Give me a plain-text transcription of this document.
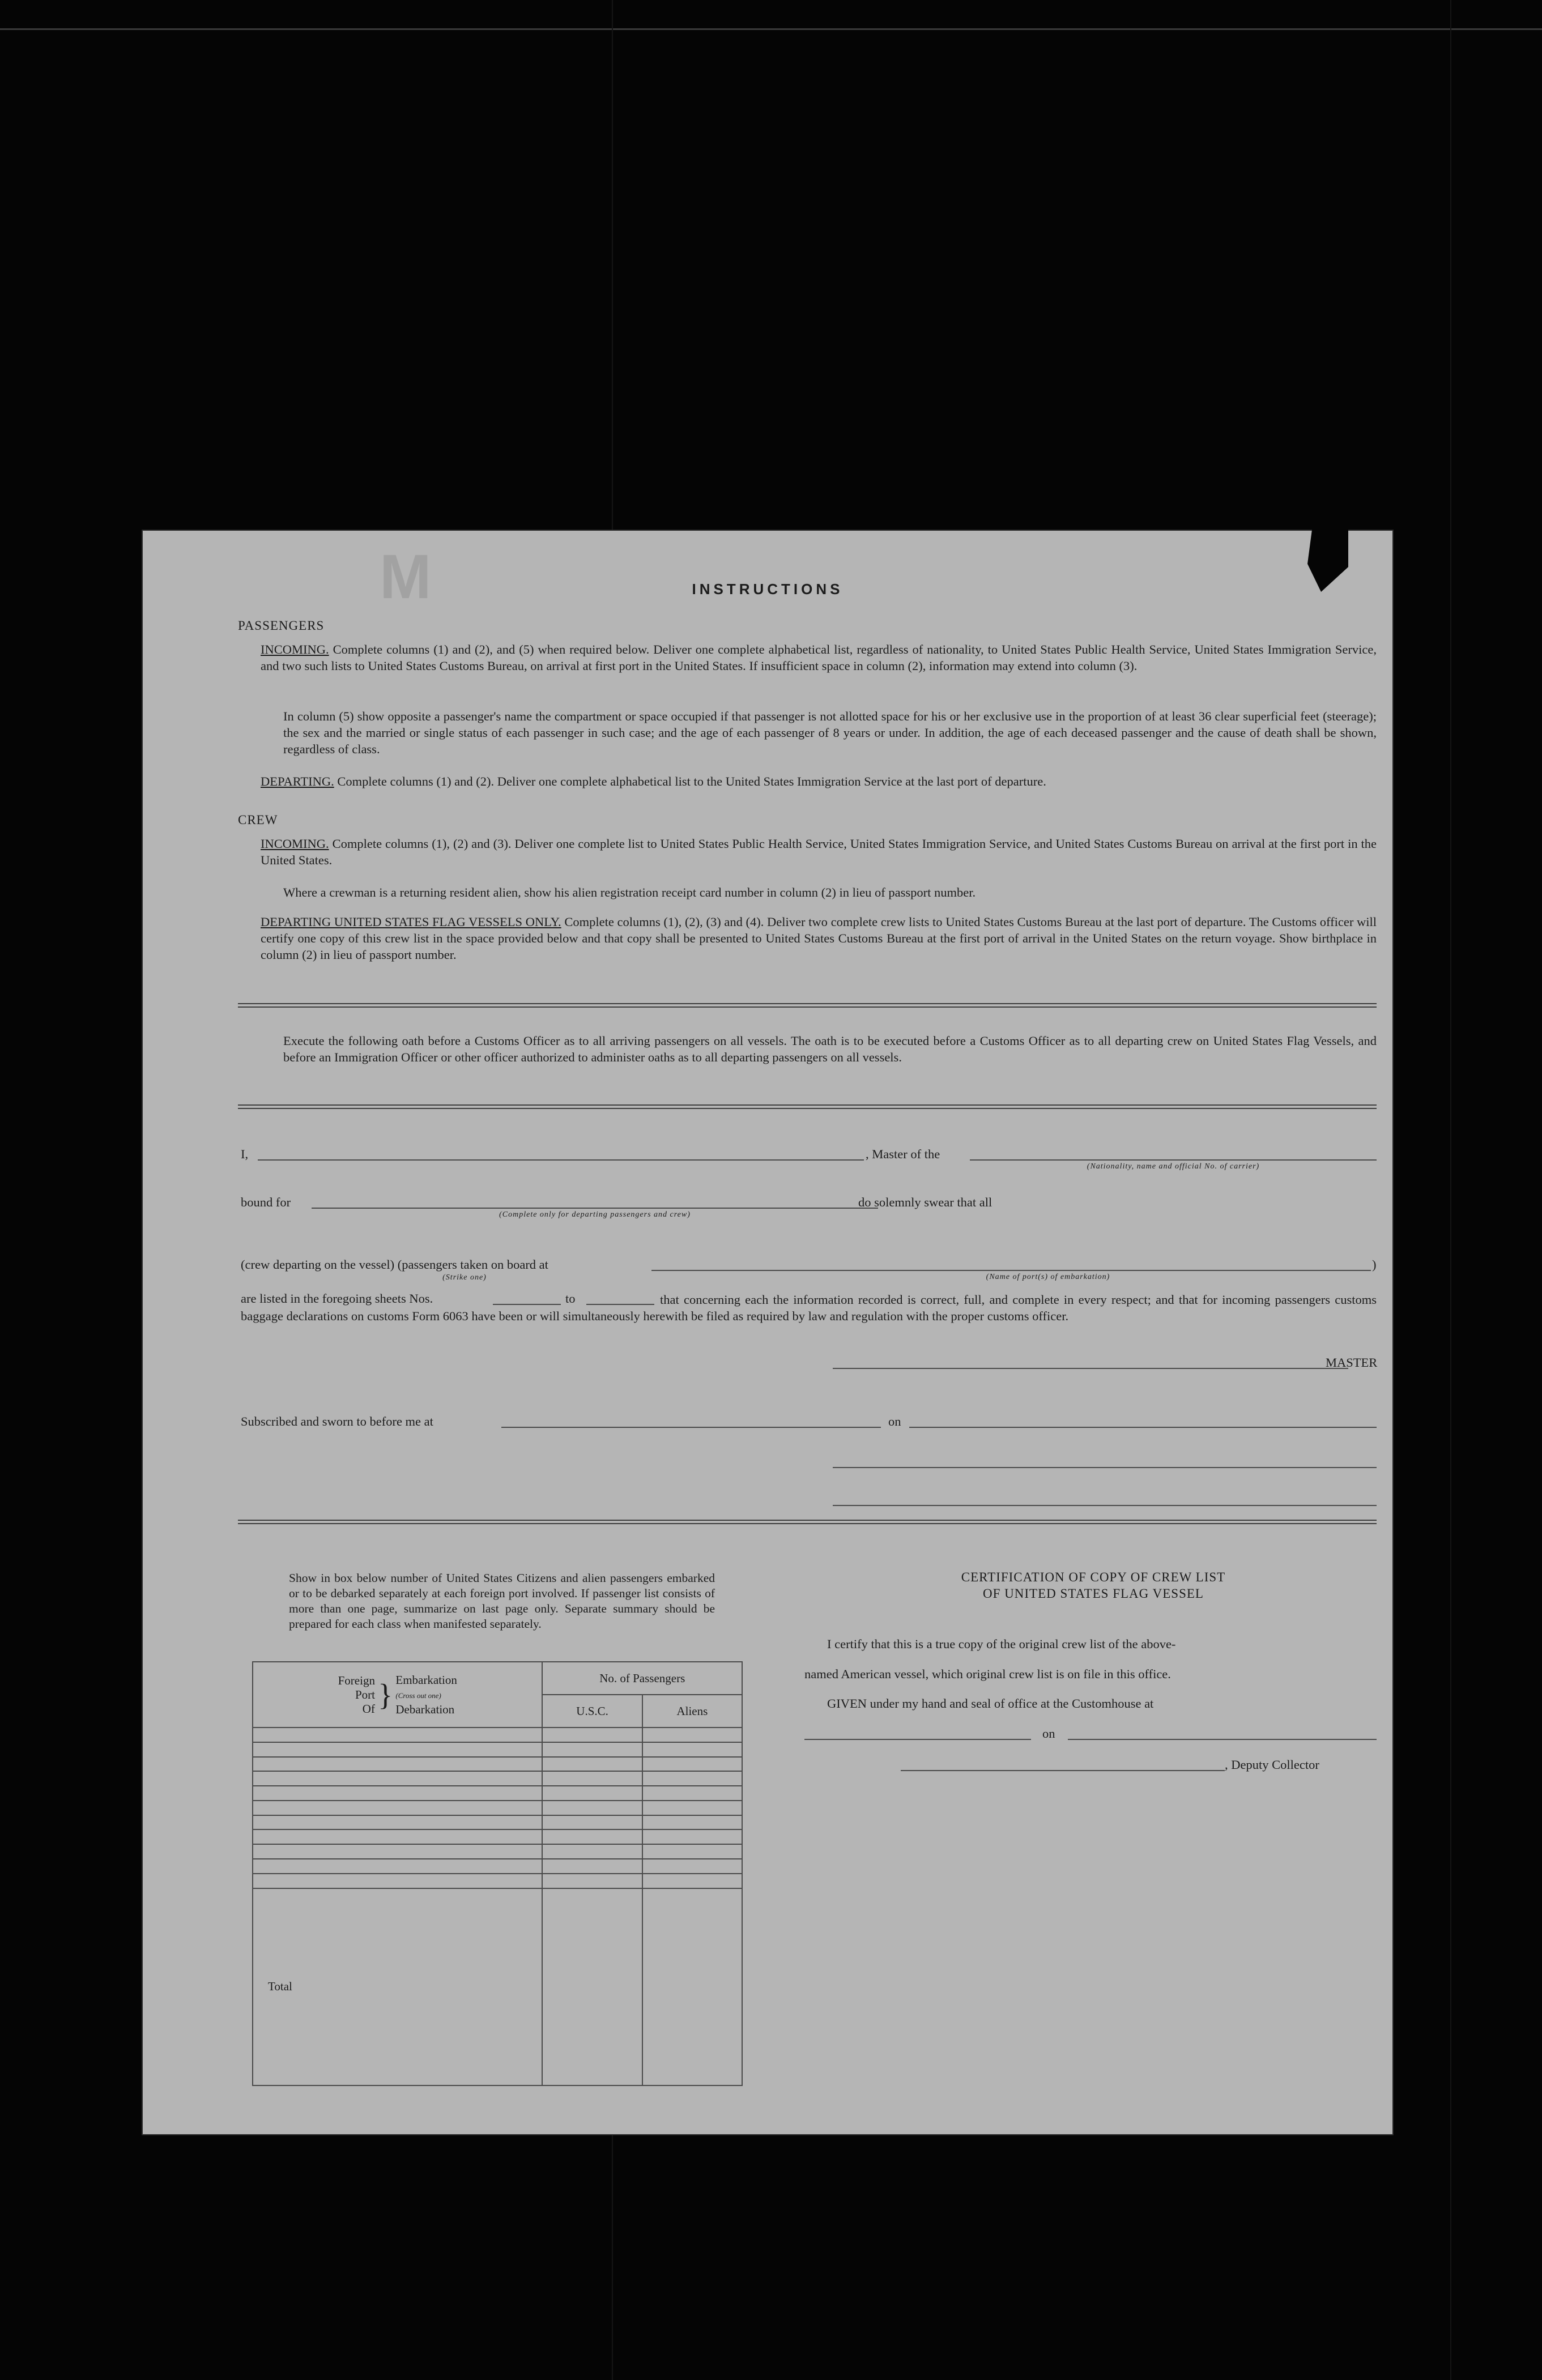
M	INSTRUCTIONS
PASSENGERS
INCOMING. Complete columns (1) and (2), and (5) when required below. Deliver one complete alphabetical list, regardless of nationality, to United States Public Health Service, United States Immigration Service, and two such lists to United States Customs Bureau, on arrival at first port in the United States. If insufficient space in column (2), information may extend into column (3).
In column (5) show opposite a passenger's name the compartment or space occupied if that passenger is not allotted space for his or her exclusive use in the proportion of at least 36 clear superficial feet (steerage); the sex and the married or single status of each passenger in such case; and the age of each passenger of 8 years or under. In addition, the age of each deceased passenger and the cause of death shall be shown, regardless of class.
DEPARTING. Complete columns (1) and (2). Deliver one complete alphabetical list to the United States Immigration Service at the last port of departure.
CREW
INCOMING. Complete columns (1), (2) and (3). Deliver one complete list to United States Public Health Service, United States Immigration Service, and United States Customs Bureau on arrival at the first port in the United States.
Where a crewman is a returning resident alien, show his alien registration receipt card number in column (2) in lieu of passport number.
DEPARTING UNITED STATES FLAG VESSELS ONLY. Complete columns (1), (2), (3) and (4). Deliver two complete crew lists to United States Customs Bureau at the last port of departure. The Customs officer will certify one copy of this crew list in the space provided below and that copy shall be presented to United States Customs Bureau at the first port of arrival in the United States on the return voyage. Show birthplace in column (2) in lieu of passport number.
Execute the following oath before a Customs Officer as to all arriving passengers on all vessels. The oath is to be executed before a Customs Officer as to all departing crew on United States Flag Vessels, and before an Immigration Officer or other officer authorized to administer oaths as to all departing passengers on all vessels.
I,	, Master of the
(Nationality, name and official No. of carrier)
bound for
(Complete only for departing passengers and crew)
do solemnly swear that all
(crew departing on the vessel) (passengers taken on board at
(Strike one)
)
(Name of port(s) of embarkation)
are listed in the foregoing sheets Nos.	to	that concerning each the information recorded is correct, full, and complete in every respect; and that for incoming passengers customs baggage declarations on customs Form 6063 have been or will simultaneously herewith be filed as required by law and regulation with the proper customs officer.
MASTER
Subscribed and sworn to before me at	on
Show in box below number of United States Citizens and alien passengers embarked or to be debarked separately at each foreign port involved. If passenger list consists of more than one page, summarize on last page only. Separate summary should be prepared for each class when manifested separately.
Foreign
Port
Of } Embarkation
(Cross out one)
Debarkation	No. of Passengers	
	U.S.C.	Aliens

Total		
CERTIFICATION OF COPY OF CREW LIST
OF UNITED STATES FLAG VESSEL
I certify that this is a true copy of the original crew list of the above-
named American vessel, which original crew list is on file in this office.
GIVEN under my hand and seal of office at the Customhouse at
on
, Deputy Collector
